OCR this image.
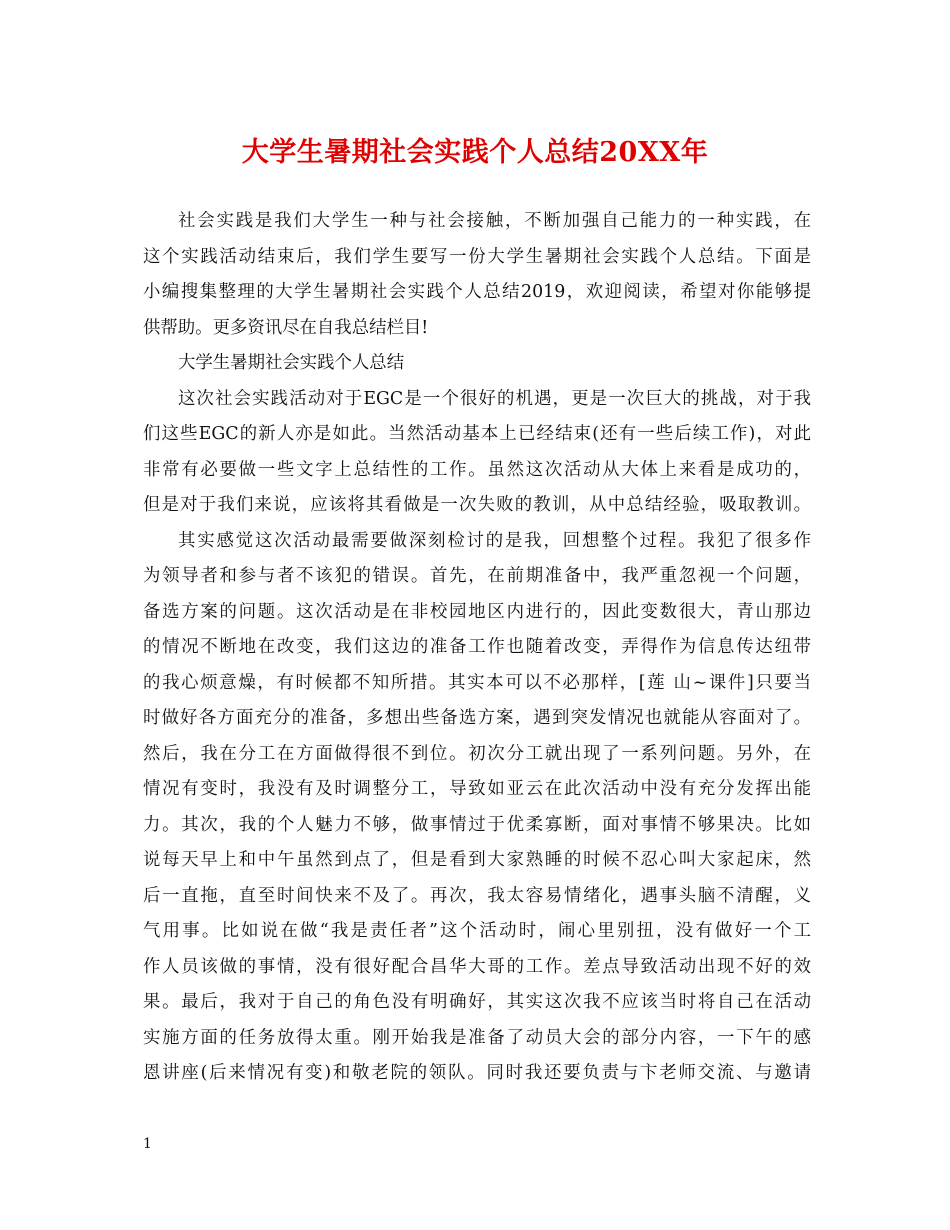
大学生暑期社会实践个人总结20XX年
社会实践是我们大学生一种与社会接触，不断加强自己能力的一种实践，在
这个实践活动结束后，我们学生要写一份大学生暑期社会实践个人总结。下面是
小编搜集整理的大学生暑期社会实践个人总结2019，欢迎阅读，希望对你能够提
供帮助。更多资讯尽在自我总结栏目!
大学生暑期社会实践个人总结
这次社会实践活动对于EGC是一个很好的机遇，更是一次巨大的挑战，对于我
们这些EGC的新人亦是如此。当然活动基本上已经结束(还有一些后续工作)，对此
非常有必要做一些文字上总结性的工作。虽然这次活动从大体上来看是成功的，
但是对于我们来说，应该将其看做是一次失败的教训，从中总结经验，吸取教训。
其实感觉这次活动最需要做深刻检讨的是我，回想整个过程。我犯了很多作
为领导者和参与者不该犯的错误。首先，在前期准备中，我严重忽视一个问题，
备选方案的问题。这次活动是在非校园地区内进行的，因此变数很大，青山那边
的情况不断地在改变，我们这边的准备工作也随着改变，弄得作为信息传达纽带
的我心烦意燥，有时候都不知所措。其实本可以不必那样，[莲 山~课件]只要当
时做好各方面充分的准备，多想出些备选方案，遇到突发情况也就能从容面对了。
然后，我在分工在方面做得很不到位。初次分工就出现了一系列问题。另外，在
情况有变时，我没有及时调整分工，导致如亚云在此次活动中没有充分发挥出能
力。其次，我的个人魅力不够，做事情过于优柔寡断，面对事情不够果决。比如
说每天早上和中午虽然到点了，但是看到大家熟睡的时候不忍心叫大家起床，然
后一直拖，直至时间快来不及了。再次，我太容易情绪化，遇事头脑不清醒，义
气用事。比如说在做“我是责任者”这个活动时，闹心里别扭，没有做好一个工
作人员该做的事情，没有很好配合昌华大哥的工作。差点导致活动出现不好的效
果。最后，我对于自己的角色没有明确好，其实这次我不应该当时将自己在活动
实施方面的任务放得太重。刚开始我是准备了动员大会的部分内容，一下午的感
恩讲座(后来情况有变)和敬老院的领队。同时我还要负责与卞老师交流、与邀请
1
